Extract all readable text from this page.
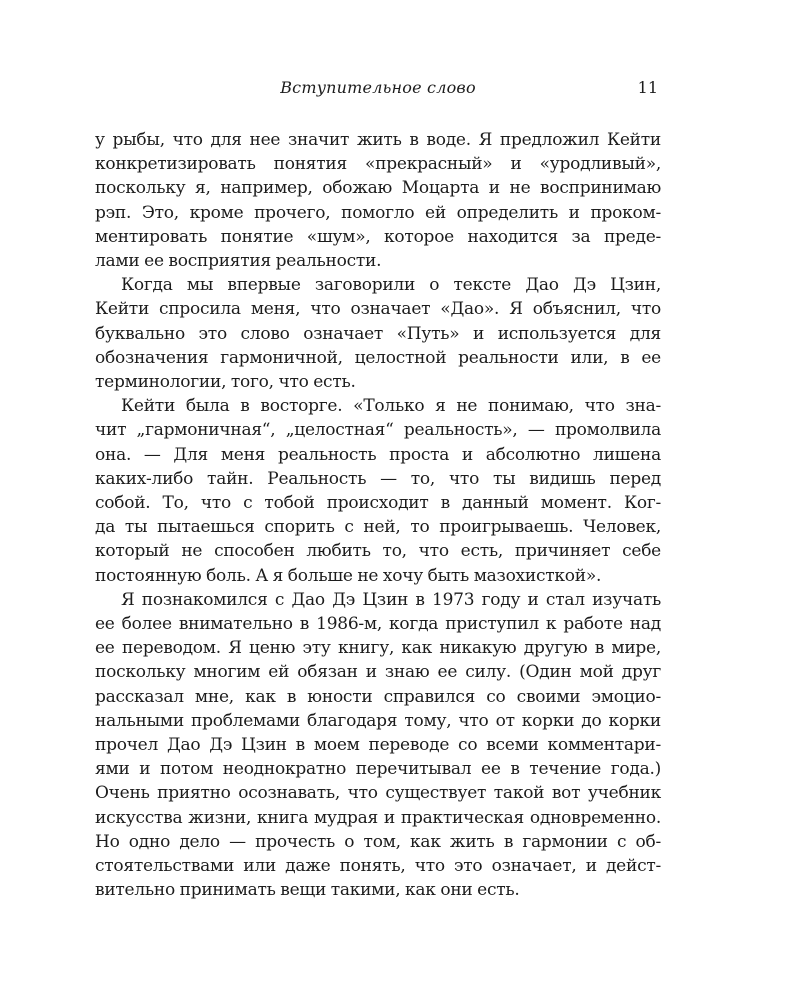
Вступительное слово	11
у рыбы, что для нее значит жить в воде. Я предложил Кейти
конкретизировать понятия «прекрасный» и «уродливый»,
поскольку я, например, обожаю Моцарта и не воспринимаю
рэп. Это, кроме прочего, помогло ей определить и проком-
ментировать понятие «шум», которое находится за преде-
лами ее восприятия реальности.
Когда мы впервые заговорили о тексте Дао Дэ Цзин,
Кейти спросила меня, что означает «Дао». Я объяснил, что
буквально это слово означает «Путь» и используется для
обозначения гармоничной, целостной реальности или, в ее
терминологии, того, что есть.
Кейти была в восторге. «Только я не понимаю, что зна-
чит „гармоничная“, „целостная“ реальность», — промолвила
она. — Для меня реальность проста и абсолютно лишена
каких-либо тайн. Реальность — то, что ты видишь перед
собой. То, что с тобой происходит в данный момент. Ког-
да ты пытаешься спорить с ней, то проигрываешь. Человек,
который не способен любить то, что есть, причиняет себе
постоянную боль. А я больше не хочу быть мазохисткой».
Я познакомился с Дао Дэ Цзин в 1973 году и стал изучать
ее более внимательно в 1986-м, когда приступил к работе над
ее переводом. Я ценю эту книгу, как никакую другую в мире,
поскольку многим ей обязан и знаю ее силу. (Один мой друг
рассказал мне, как в юности справился со своими эмоцио-
нальными проблемами благодаря тому, что от корки до корки
прочел Дао Дэ Цзин в моем переводе со всеми комментари-
ями и потом неоднократно перечитывал ее в течение года.)
Очень приятно осознавать, что существует такой вот учебник
искусства жизни, книга мудрая и практическая одновременно.
Но одно дело — прочесть о том, как жить в гармонии с об-
стоятельствами или даже понять, что это означает, и дейст-
вительно принимать вещи такими, как они есть.
